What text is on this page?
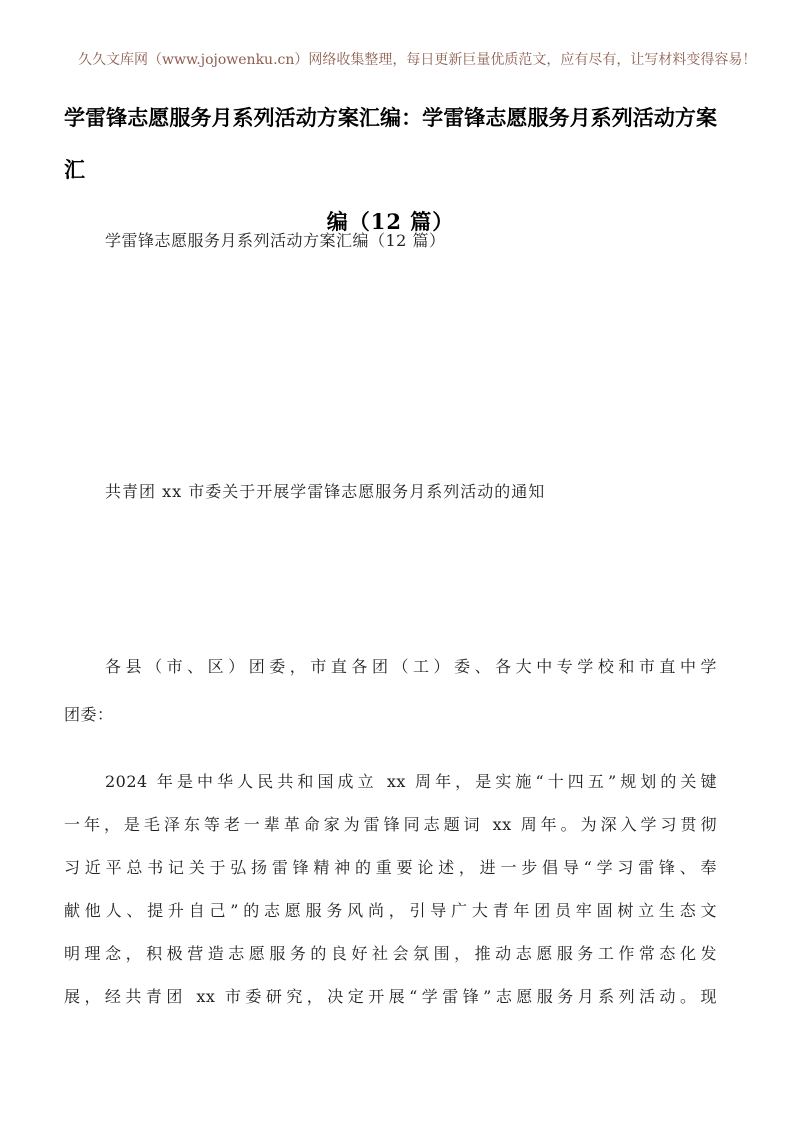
久久文库网（www.jojowenku.cn）网络收集整理，每日更新巨量优质范文，应有尽有，让写材料变得容易！
学雷锋志愿服务月系列活动方案汇编：学雷锋志愿服务月系列活动方案汇
编（12 篇）

学雷锋志愿服务月系列活动方案汇编（12 篇）

共青团 xx 市委关于开展学雷锋志愿服务月系列活动的通知

各县（市、区）团委，市直各团（工）委、各大中专学校和市直中学
团委：
2024 年是中华人民共和国成立 xx 周年，是实施“十四五”规划的关键
一年，是毛泽东等老一辈革命家为雷锋同志题词 xx 周年。为深入学习贯彻
习近平总书记关于弘扬雷锋精神的重要论述，进一步倡导“学习雷锋、奉
献他人、提升自己”的志愿服务风尚，引导广大青年团员牢固树立生态文
明理念，积极营造志愿服务的良好社会氛围，推动志愿服务工作常态化发
展，经共青团 xx 市委研究，决定开展“学雷锋”志愿服务月系列活动。现
